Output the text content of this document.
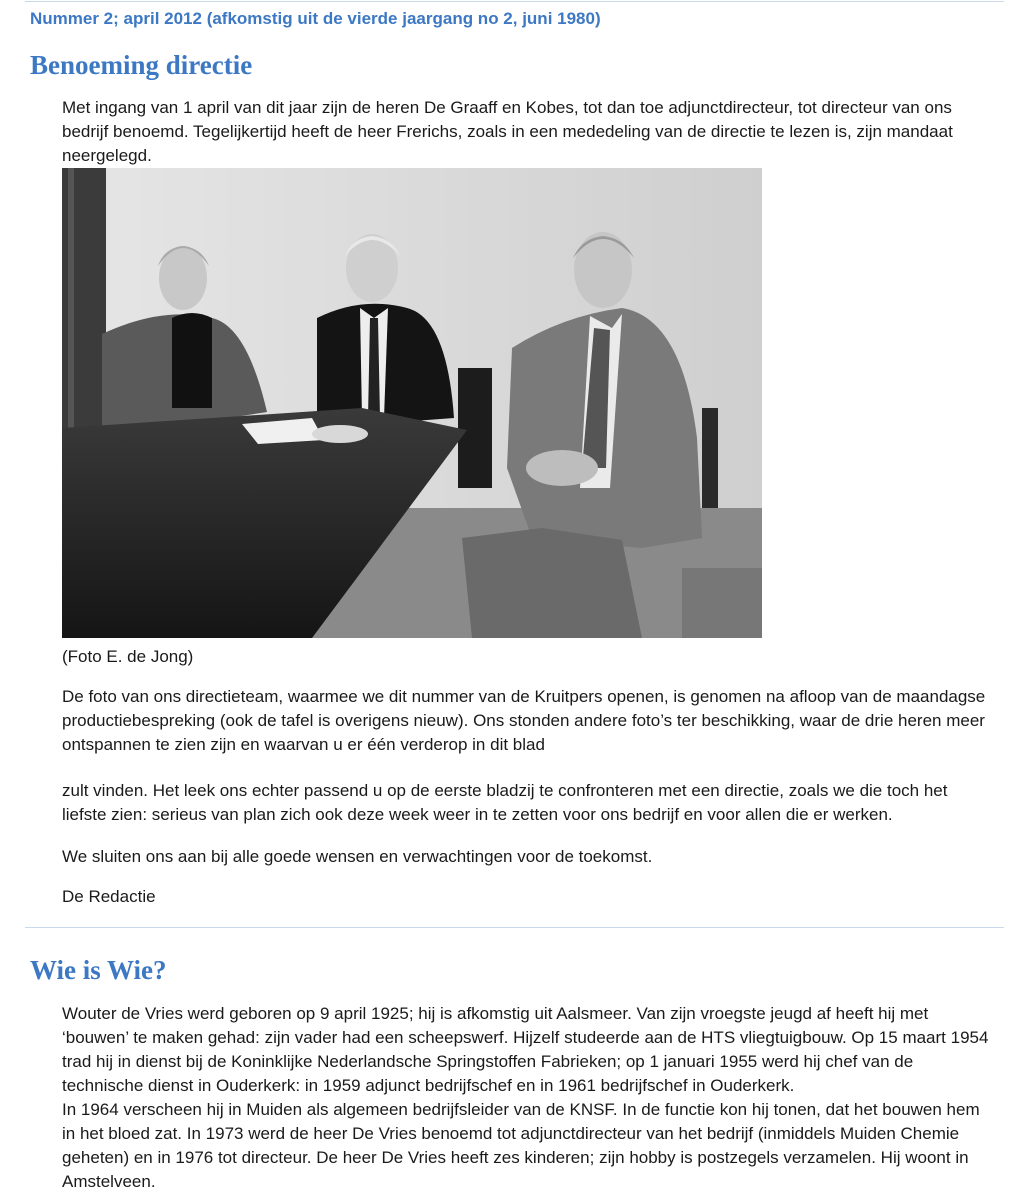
Nummer 2; april 2012 (afkomstig uit de vierde jaargang no 2, juni 1980)
Benoeming directie

Met ingang van 1 april van dit jaar zijn de heren De Graaff en Kobes, tot dan toe adjunctdirecteur, tot directeur van ons bedrijf benoemd. Tegelijkertijd heeft de heer Frerichs, zoals in een mededeling van de directie te lezen is, zijn mandaat neergelegd.

(Foto E. de Jong)

De foto van ons directieteam, waarmee we dit nummer van de Kruitpers openen, is genomen na afloop van de maandagse productiebespreking (ook de tafel is overigens nieuw). Ons stonden andere foto’s ter beschikking, waar de drie heren meer ontspannen te zien zijn en waarvan u er één verderop in dit blad

zult vinden. Het leek ons echter passend u op de eerste bladzij te confronteren met een directie, zoals we die toch het liefste zien: serieus van plan zich ook deze week weer in te zetten voor ons bedrijf en voor allen die er werken.

We sluiten ons aan bij alle goede wensen en verwachtingen voor de toekomst.

De Redactie
Wie is Wie?

Wouter de Vries werd geboren op 9 april 1925; hij is afkomstig uit Aalsmeer. Van zijn vroegste jeugd af heeft hij met ‘bouwen’ te maken gehad: zijn vader had een scheepswerf. Hijzelf studeerde aan de HTS vliegtuigbouw. Op 15 maart 1954 trad hij in dienst bij de Koninklijke Nederlandsche Springstoffen Fabrieken; op 1 januari 1955 werd hij chef van de technische dienst in Ouderkerk: in 1959 adjunct bedrijfschef en in 1961 bedrijfschef in Ouderkerk.

In 1964 verscheen hij in Muiden als algemeen bedrijfsleider van de KNSF. In de functie kon hij tonen, dat het bouwen hem in het bloed zat. In 1973 werd de heer De Vries benoemd tot adjunctdirecteur van het bedrijf (inmiddels Muiden Chemie geheten) en in 1976 tot directeur. De heer De Vries heeft zes kinderen; zijn hobby is postzegels verzamelen. Hij woont in Amstelveen.
